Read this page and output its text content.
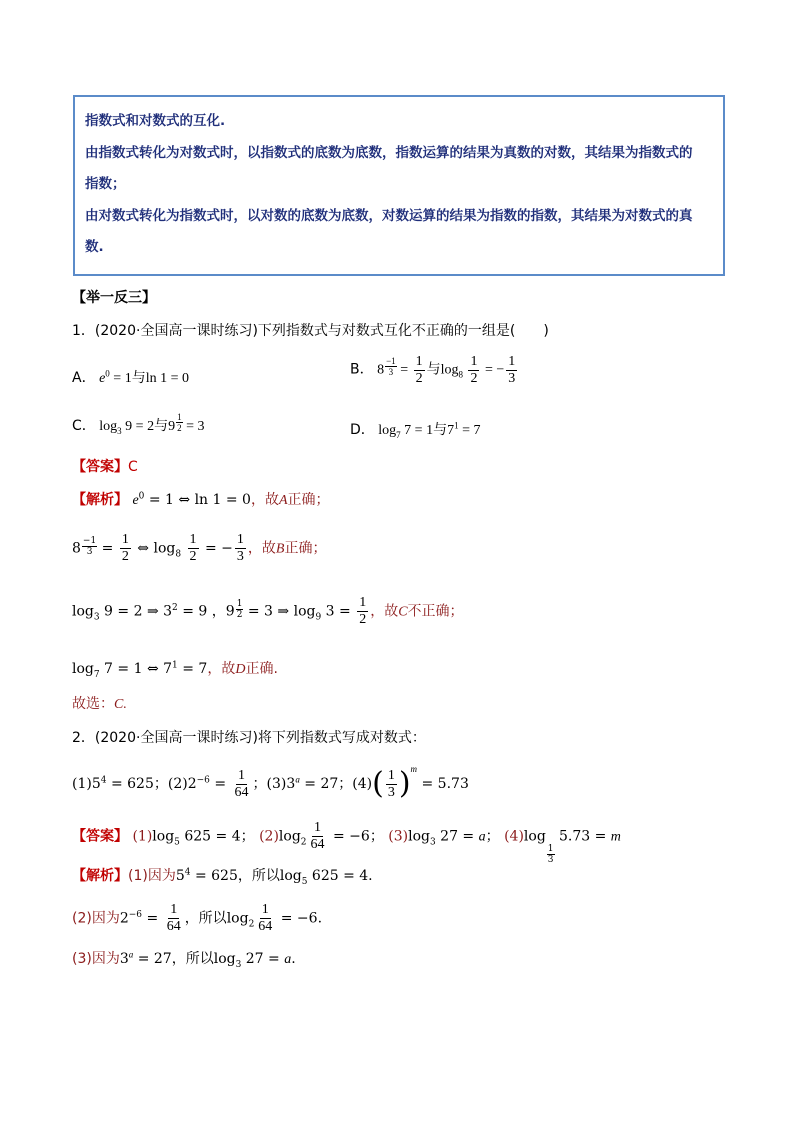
指数式和对数式的互化.

由指数式转化为对数式时，以指数式的底数为底数，指数运算的结果为真数的对数，其结果为指数式的

指数；

由对数式转化为指数式时，以对数的底数为底数，对数运算的结果为指数的指数，其结果为对数式的真

数.

【举一反三】
1．(2020·全国高一课时练习)下列指数式与对数式互化不正确的一组是(　　)
A． $e^0 = 1$与ln 1 = 0
B． $8 \frac{-1}{3} = \frac{1}{2}$ 与$\log_8 \frac{1}{2}$ = − $\frac{1}{3}$
C． $\log_3 9 = 2$与$9 \frac{1}{2} = 3$	D． $\log_7 7 = 1$与$7^1 = 7$
【答案】C
【解析】 $e^0 = 1$ ⇔ ln 1 = 0，故A正确；
$8 \frac{-1}{3} = \frac{1}{2}$ ⇔ $\log_8 \frac{1}{2}$ = − $\frac{1}{3}$ ，故B正确；
$\log_3 9 = 2$ ⇒ $3^2 = 9$ ，$9 \frac{1}{2} = 3$ ⇒ $\log_9 3 = \frac{1}{2}$ ，故C不正确；
$\log_7 7 = 1$ ⇔ $7^1 = 7$，故D正确.
故选：C.
2．(2020·全国高一课时练习)将下列指数式写成对数式：
$(1)5^4 = 625$；$(2)2^{-6} = \frac{1}{64}$ ；$(3)3^a = 27$；$(4)( \frac{1}{3} )^m = 5.73$
【答案】 $(1)\log_5$ 625 = 4； $(2)\log_2 \frac{1}{64} = -6$； $(3)\log_3$ 27 = a； (4)log
$\frac{1}{3}$
5.73 = m
【解析】(1)因为$5^4 = 625$，所以$\log_5 625 = 4$.
(2)因为$2^{-6} = \frac{1}{64}$ ，所以$\log_2 \frac{1}{64} = -6$.
(3)因为$3^a = 27$，所以$\log_3 27 = a$.
